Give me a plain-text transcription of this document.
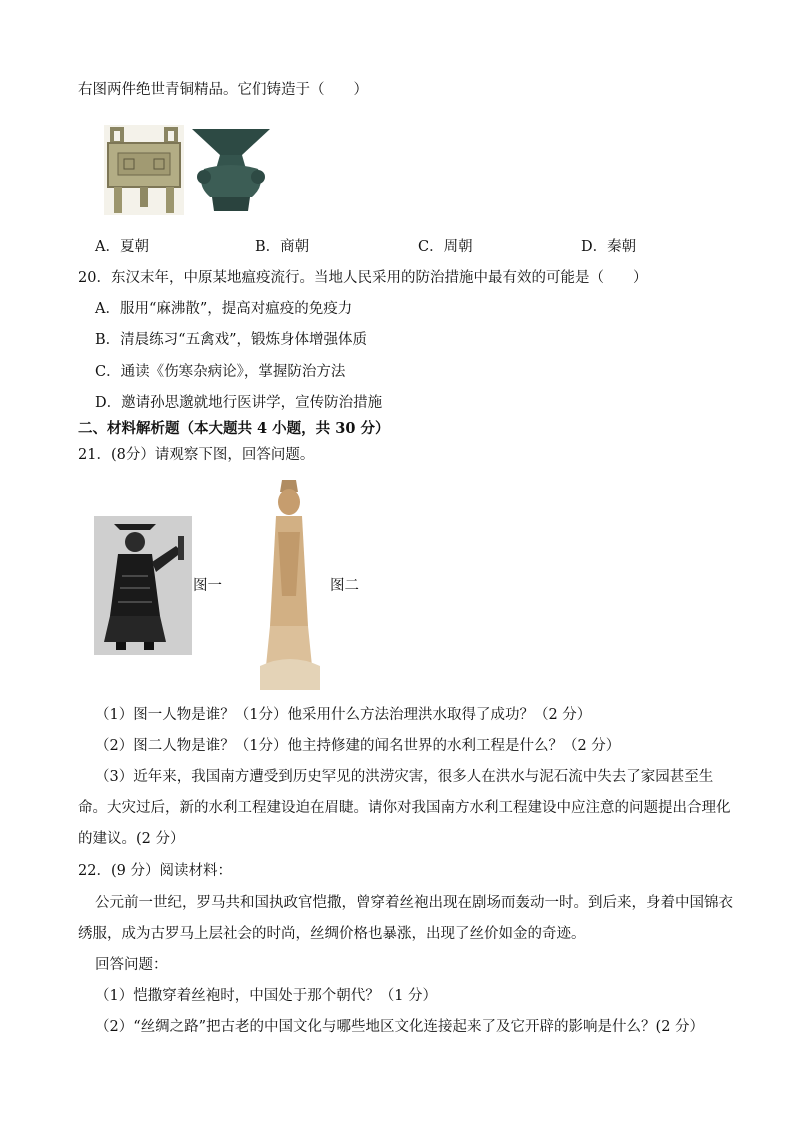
右图两件绝世青铜精品。它们铸造于（　　）
A．夏朝	B．商朝	C．周朝	D．秦朝
20．东汉末年，中原某地瘟疫流行。当地人民采用的防治措施中最有效的可能是（　　）
A．服用“麻沸散”，提高对瘟疫的免疫力
B．清晨练习“五禽戏”，锻炼身体增强体质
C．通读《伤寒杂病论》，掌握防治方法
D．邀请孙思邈就地行医讲学，宣传防治措施
二、材料解析题（本大题共 4 小题，共 30 分）
21．(8分）请观察下图，回答问题。
图一	图二
（1）图一人物是谁？（1分）他采用什么方法治理洪水取得了成功？（2 分）
（2）图二人物是谁？（1分）他主持修建的闻名世界的水利工程是什么？（2 分）
（3）近年来，我国南方遭受到历史罕见的洪涝灾害，很多人在洪水与泥石流中失去了家园甚至生
命。大灾过后，新的水利工程建设迫在眉睫。请你对我国南方水利工程建设中应注意的问题提出合理化
的建议。(2 分）
22．(9 分）阅读材料：
公元前一世纪，罗马共和国执政官恺撒，曾穿着丝袍出现在剧场而轰动一时。到后来，身着中国锦衣
绣服，成为古罗马上层社会的时尚，丝绸价格也暴涨，出现了丝价如金的奇迹。
回答问题：
（1）恺撒穿着丝袍时，中国处于那个朝代？（1 分）
（2）“丝绸之路”把古老的中国文化与哪些地区文化连接起来了及它开辟的影响是什么？(2 分）
